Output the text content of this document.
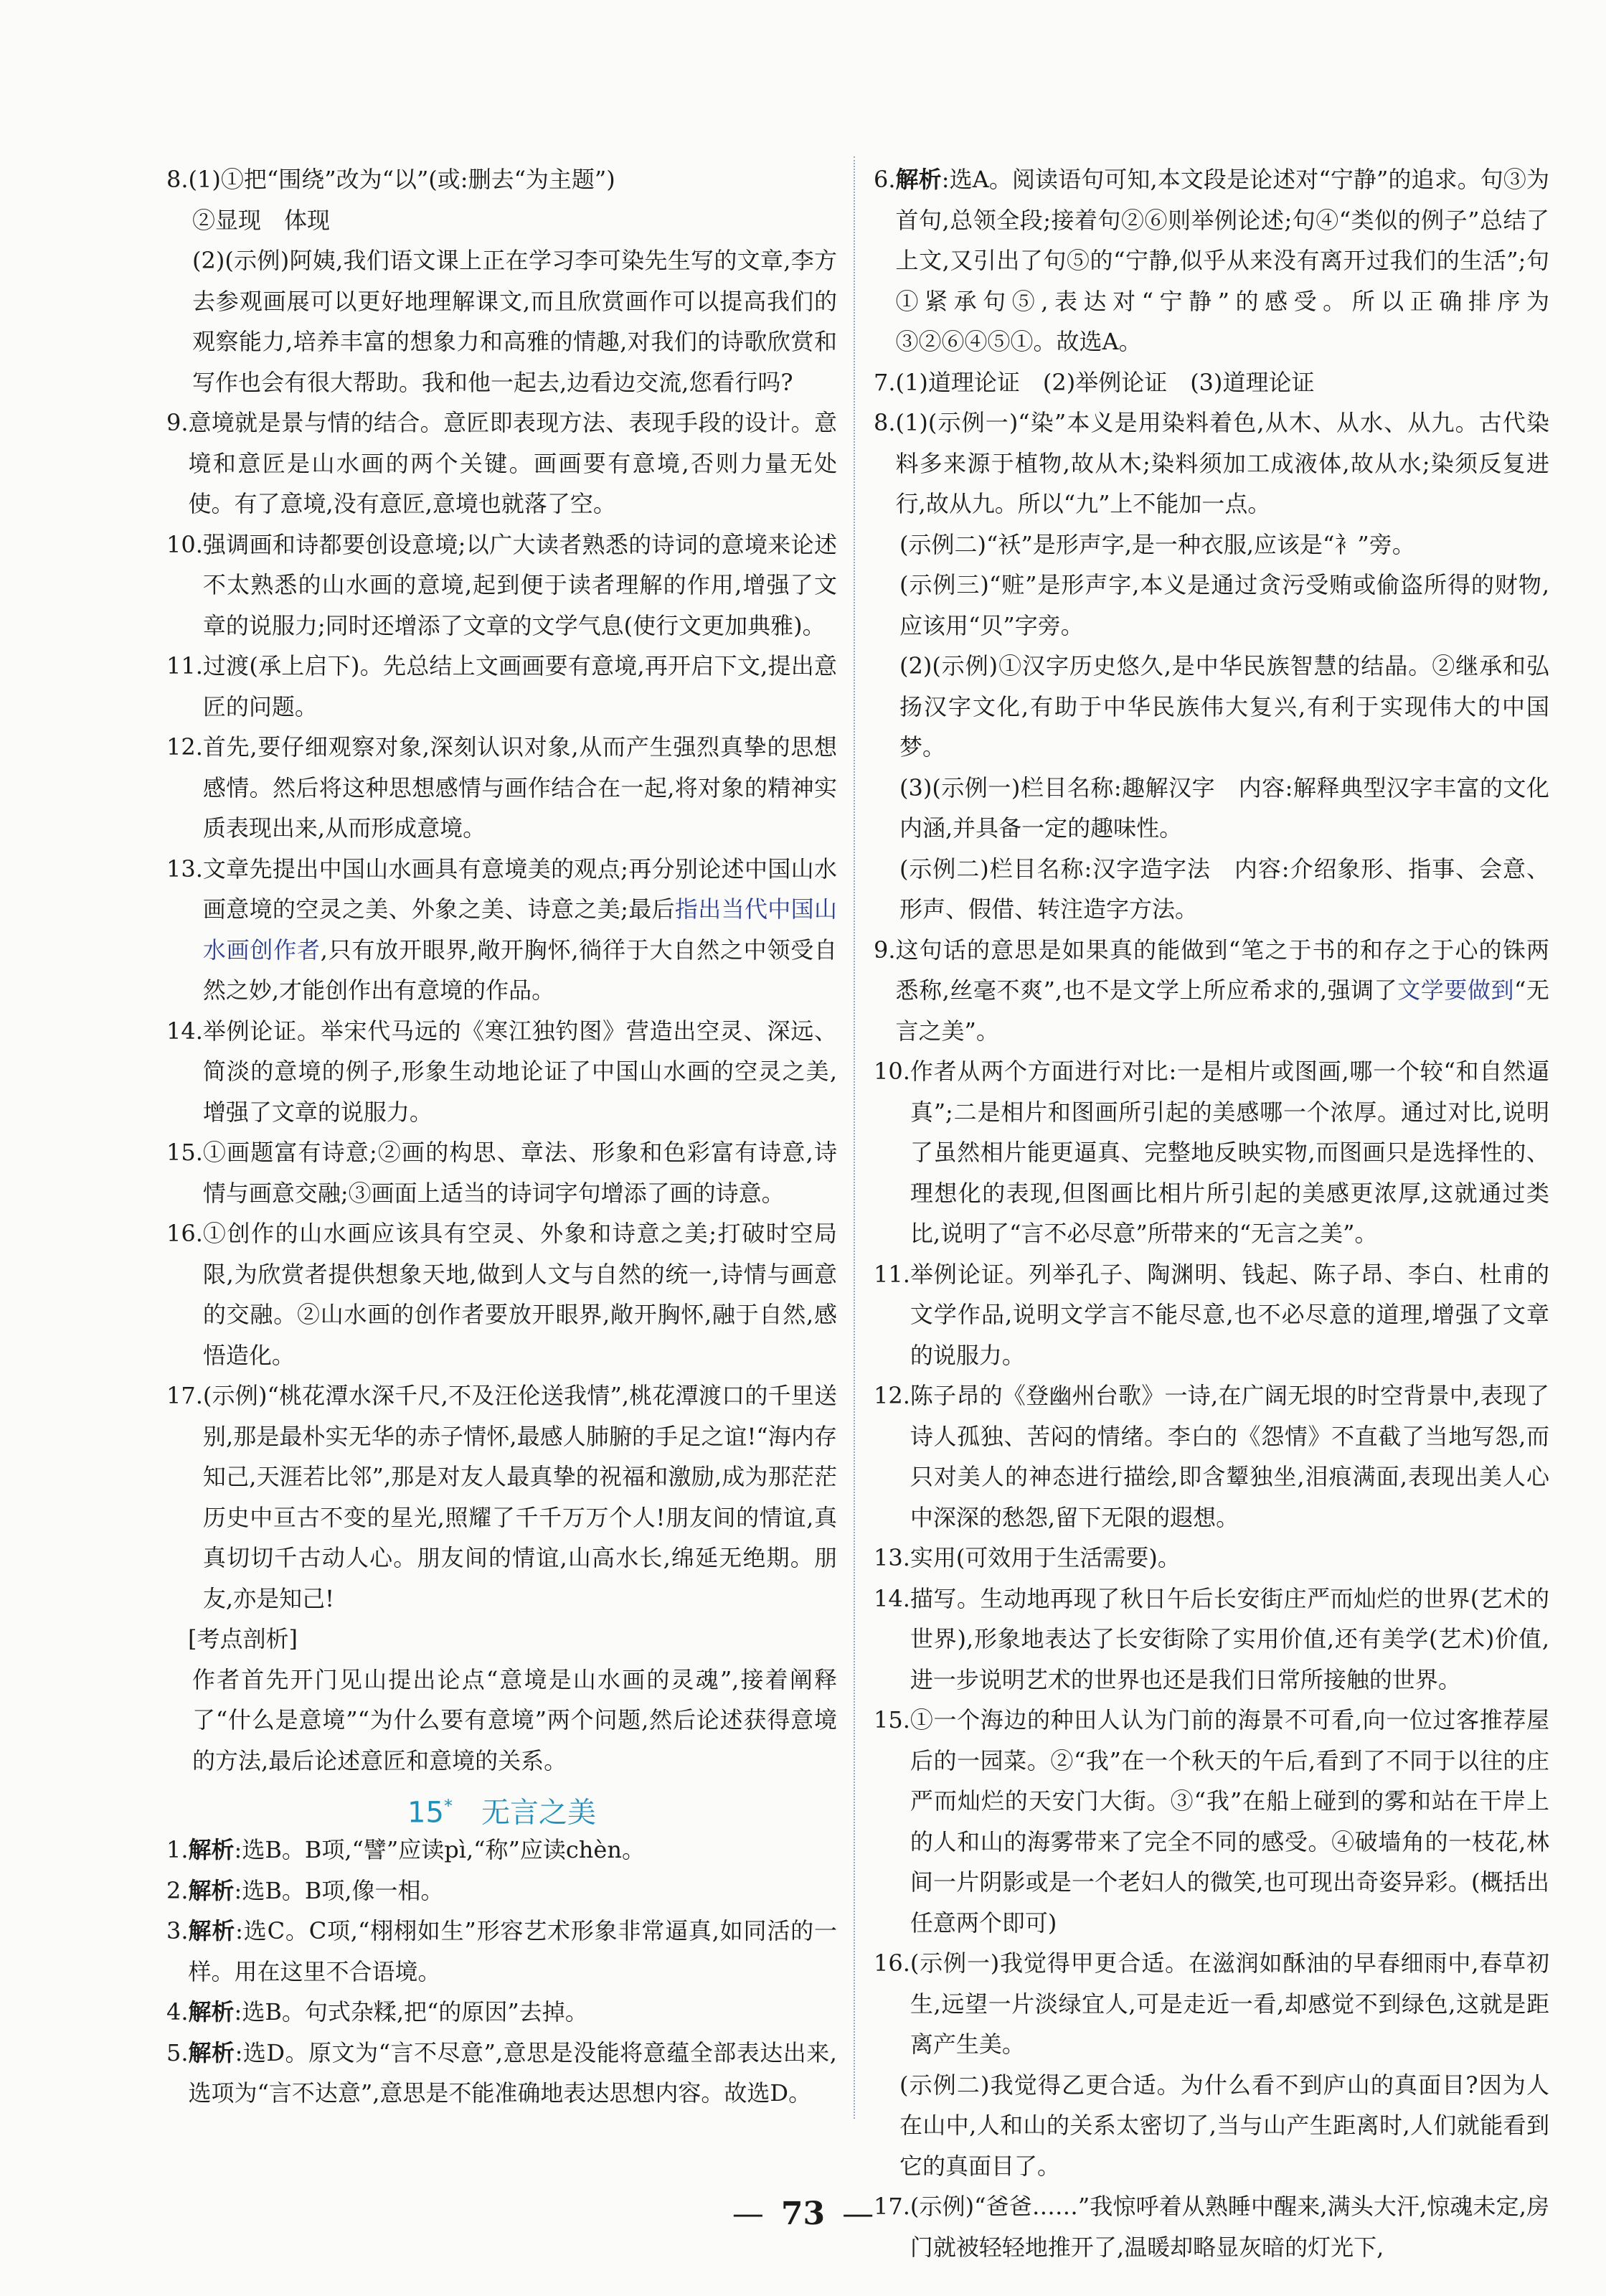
8. (1)①把“围绕”改为“以”(或:删去“为主题”)
②显现　体现
(2)(示例)阿姨,我们语文课上正在学习李可染先生写的文章,李方去参观画展可以更好地理解课文,而且欣赏画作可以提高我们的观察能力,培养丰富的想象力和高雅的情趣,对我们的诗歌欣赏和写作也会有很大帮助。我和他一起去,边看边交流,您看行吗?
9. 意境就是景与情的结合。意匠即表现方法、表现手段的设计。意境和意匠是山水画的两个关键。画画要有意境,否则力量无处使。有了意境,没有意匠,意境也就落了空。
10. 强调画和诗都要创设意境;以广大读者熟悉的诗词的意境来论述不太熟悉的山水画的意境,起到便于读者理解的作用,增强了文章的说服力;同时还增添了文章的文学气息(使行文更加典雅)。
11. 过渡(承上启下)。先总结上文画画要有意境,再开启下文,提出意匠的问题。
12. 首先,要仔细观察对象,深刻认识对象,从而产生强烈真挚的思想感情。然后将这种思想感情与画作结合在一起,将对象的精神实质表现出来,从而形成意境。
13. 文章先提出中国山水画具有意境美的观点;再分别论述中国山水画意境的空灵之美、外象之美、诗意之美;最后指出当代中国山水画创作者,只有放开眼界,敞开胸怀,徜徉于大自然之中领受自然之妙,才能创作出有意境的作品。
14. 举例论证。举宋代马远的《寒江独钓图》营造出空灵、深远、简淡的意境的例子,形象生动地论证了中国山水画的空灵之美,增强了文章的说服力。
15. ①画题富有诗意;②画的构思、章法、形象和色彩富有诗意,诗情与画意交融;③画面上适当的诗词字句增添了画的诗意。
16. ①创作的山水画应该具有空灵、外象和诗意之美;打破时空局限,为欣赏者提供想象天地,做到人文与自然的统一,诗情与画意的交融。②山水画的创作者要放开眼界,敞开胸怀,融于自然,感悟造化。
17. (示例)“桃花潭水深千尺,不及汪伦送我情”,桃花潭渡口的千里送别,那是最朴实无华的赤子情怀,最感人肺腑的手足之谊!“海内存知己,天涯若比邻”,那是对友人最真挚的祝福和激励,成为那茫茫历史中亘古不变的星光,照耀了千千万万个人!朋友间的情谊,真真切切千古动人心。朋友间的情谊,山高水长,绵延无绝期。朋友,亦是知己!
[考点剖析]
作者首先开门见山提出论点“意境是山水画的灵魂”,接着阐释了“什么是意境”“为什么要有意境”两个问题,然后论述获得意境的方法,最后论述意匠和意境的关系。
15* 无言之美
1. 解析:选B。B项,“譬”应读pì,“称”应读chèn。
2. 解析:选B。B项,像一相。
3. 解析:选C。C项,“栩栩如生”形容艺术形象非常逼真,如同活的一样。用在这里不合语境。
4. 解析:选B。句式杂糅,把“的原因”去掉。
5. 解析:选D。原文为“言不尽意”,意思是没能将意蕴全部表达出来,选项为“言不达意”,意思是不能准确地表达思想内容。故选D。
6. 解析:选A。阅读语句可知,本文段是论述对“宁静”的追求。句③为首句,总领全段;接着句②⑥则举例论述;句④“类似的例子”总结了上文,又引出了句⑤的“宁静,似乎从来没有离开过我们的生活”;句①紧承句⑤,表达对“宁静”的感受。所以正确排序为③②⑥④⑤①。故选A。
7. (1)道理论证　(2)举例论证　(3)道理论证
8. (1)(示例一)“染”本义是用染料着色,从木、从水、从九。古代染料多来源于植物,故从木;染料须加工成液体,故从水;染须反复进行,故从九。所以“九”上不能加一点。
(示例二)“袄”是形声字,是一种衣服,应该是“衤”旁。
(示例三)“赃”是形声字,本义是通过贪污受贿或偷盗所得的财物,应该用“贝”字旁。
(2)(示例)①汉字历史悠久,是中华民族智慧的结晶。②继承和弘扬汉字文化,有助于中华民族伟大复兴,有利于实现伟大的中国梦。
(3)(示例一)栏目名称:趣解汉字　内容:解释典型汉字丰富的文化内涵,并具备一定的趣味性。
(示例二)栏目名称:汉字造字法　内容:介绍象形、指事、会意、形声、假借、转注造字方法。
9. 这句话的意思是如果真的能做到“笔之于书的和存之于心的铢两悉称,丝毫不爽”,也不是文学上所应希求的,强调了文学要做到“无言之美”。
10. 作者从两个方面进行对比:一是相片或图画,哪一个较“和自然逼真”;二是相片和图画所引起的美感哪一个浓厚。通过对比,说明了虽然相片能更逼真、完整地反映实物,而图画只是选择性的、理想化的表现,但图画比相片所引起的美感更浓厚,这就通过类比,说明了“言不必尽意”所带来的“无言之美”。
11. 举例论证。列举孔子、陶渊明、钱起、陈子昂、李白、杜甫的文学作品,说明文学言不能尽意,也不必尽意的道理,增强了文章的说服力。
12. 陈子昂的《登幽州台歌》一诗,在广阔无垠的时空背景中,表现了诗人孤独、苦闷的情绪。李白的《怨情》不直截了当地写怨,而只对美人的神态进行描绘,即含颦独坐,泪痕满面,表现出美人心中深深的愁怨,留下无限的遐想。
13. 实用(可效用于生活需要)。
14. 描写。生动地再现了秋日午后长安街庄严而灿烂的世界(艺术的世界),形象地表达了长安街除了实用价值,还有美学(艺术)价值,进一步说明艺术的世界也还是我们日常所接触的世界。
15. ①一个海边的种田人认为门前的海景不可看,向一位过客推荐屋后的一园菜。②“我”在一个秋天的午后,看到了不同于以往的庄严而灿烂的天安门大街。③“我”在船上碰到的雾和站在干岸上的人和山的海雾带来了完全不同的感受。④破墙角的一枝花,林间一片阴影或是一个老妇人的微笑,也可现出奇姿异彩。(概括出任意两个即可)
16. (示例一)我觉得甲更合适。在滋润如酥油的早春细雨中,春草初生,远望一片淡绿宜人,可是走近一看,却感觉不到绿色,这就是距离产生美。
(示例二)我觉得乙更合适。为什么看不到庐山的真面目?因为人在山中,人和山的关系太密切了,当与山产生距离时,人们就能看到它的真面目了。
17. (示例)“爸爸……”我惊呼着从熟睡中醒来,满头大汗,惊魂未定,房门就被轻轻地推开了,温暖却略显灰暗的灯光下,
— 73 —
